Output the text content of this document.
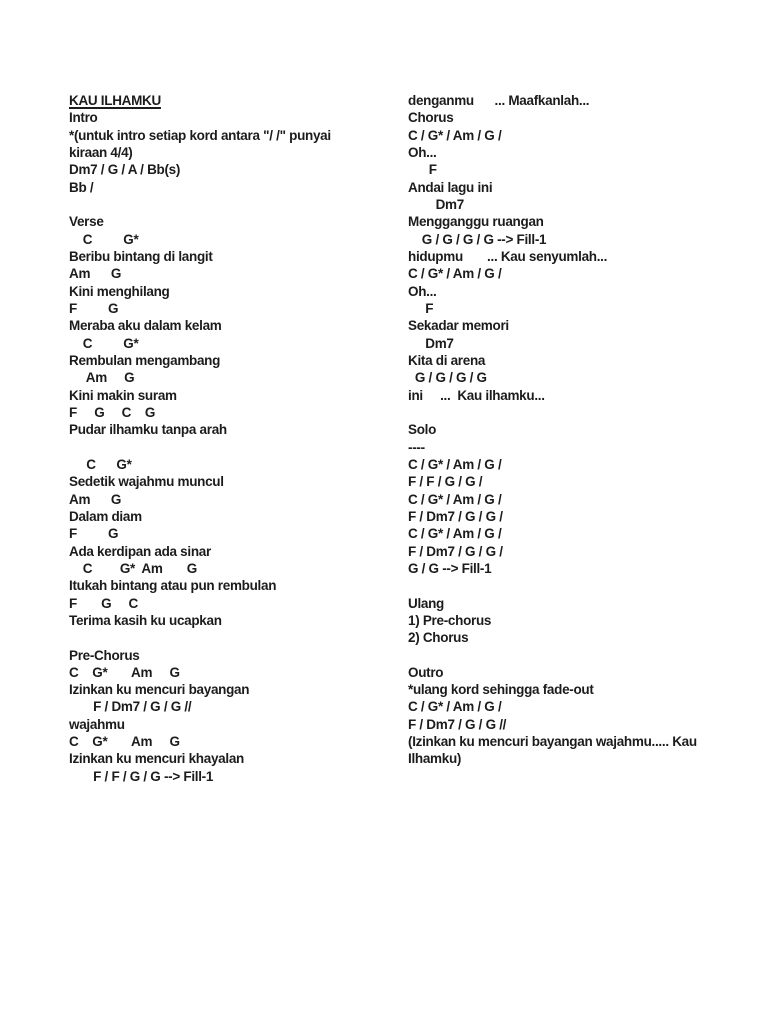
KAU ILHAMKU
Intro
*(untuk intro setiap kord antara "/ /" punyai
kiraan 4/4)
Dm7 / G / A / Bb(s)
Bb /
Verse
C         G*
Beribu bintang di langit
Am      G
Kini menghilang
F         G
Meraba aku dalam kelam
C         G*
Rembulan mengambang
Am     G
Kini makin suram
F     G     C    G
Pudar ilhamku tanpa arah
C      G*
Sedetik wajahmu muncul
Am      G
Dalam diam
F         G
Ada kerdipan ada sinar
C        G*  Am       G
Itukah bintang atau pun rembulan
F       G     C
Terima kasih ku ucapkan
Pre-Chorus
C    G*       Am     G
Izinkan ku mencuri bayangan
F / Dm7 / G / G //
wajahmu
C    G*       Am     G
Izinkan ku mencuri khayalan
F / F / G / G --> Fill-1
denganmu      ... Maafkanlah...
Chorus
C / G* / Am / G /
Oh...
F
Andai lagu ini
Dm7
Mengganggu ruangan
G / G / G / G --> Fill-1
hidupmu       ... Kau senyumlah...
C / G* / Am / G /
Oh...
F
Sekadar memori
Dm7
Kita di arena
G / G / G / G
ini     ...  Kau ilhamku...
Solo
----
C / G* / Am / G /
F / F / G / G /
C / G* / Am / G /
F / Dm7 / G / G /
C / G* / Am / G /
F / Dm7 / G / G /
G / G --> Fill-1
Ulang
1) Pre-chorus
2) Chorus
Outro
*ulang kord sehingga fade-out
C / G* / Am / G /
F / Dm7 / G / G //
(Izinkan ku mencuri bayangan wajahmu..... Kau
Ilhamku)
